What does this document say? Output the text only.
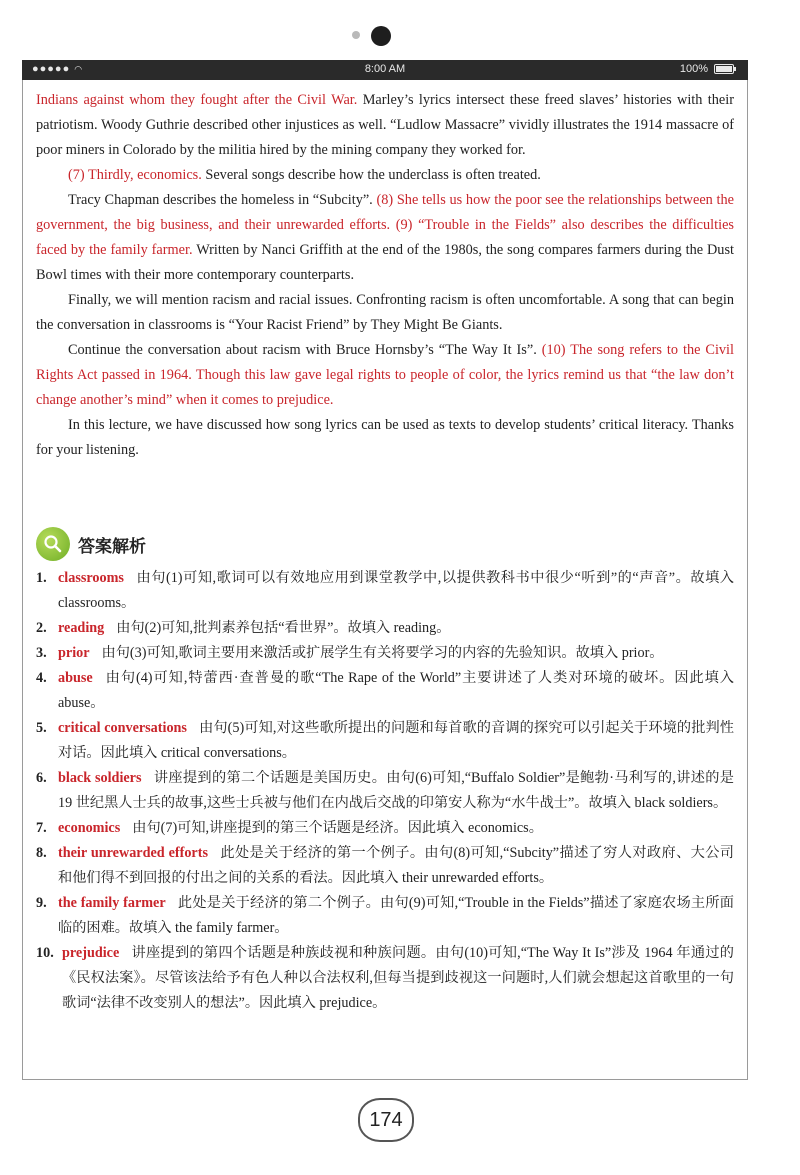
●●●●● ◠	8:00 AM	100%

Indians against whom they fought after the Civil War. Marley’s lyrics intersect these freed slaves’ histories with their patriotism. Woody Guthrie described other injustices as well. “Ludlow Massacre” vividly illustrates the 1914 massacre of poor miners in Colorado by the militia hired by the mining company they worked for.

(7) Thirdly, economics. Several songs describe how the underclass is often treated.

Tracy Chapman describes the homeless in “Subcity”. (8) She tells us how the poor see the relationships between the government, the big business, and their unrewarded efforts. (9) “Trouble in the Fields” also describes the difficulties faced by the family farmer. Written by Nanci Griffith at the end of the 1980s, the song compares farmers during the Dust Bowl times with their more contemporary counterparts.

Finally, we will mention racism and racial issues. Confronting racism is often uncomfortable. A song that can begin the conversation in classrooms is “Your Racist Friend” by They Might Be Giants.

Continue the conversation about racism with Bruce Hornsby’s “The Way It Is”. (10) The song refers to the Civil Rights Act passed in 1964. Though this law gave legal rights to people of color, the lyrics remind us that “the law don’t change another’s mind” when it comes to prejudice.

In this lecture, we have discussed how song lyrics can be used as texts to develop students’ critical literacy. Thanks for your listening.

答案解析
1. classrooms 由句(1)可知,歌词可以有效地应用到课堂教学中,以提供教科书中很少“听到”的“声音”。故填入 classrooms。
2. reading 由句(2)可知,批判素养包括“看世界”。故填入 reading。
3. prior 由句(3)可知,歌词主要用来激活或扩展学生有关将要学习的内容的先验知识。故填入 prior。
4. abuse 由句(4)可知,特蕾西·查普曼的歌“The Rape of the World”主要讲述了人类对环境的破坏。因此填入 abuse。
5. critical conversations 由句(5)可知,对这些歌所提出的问题和每首歌的音调的探究可以引起关于环境的批判性对话。因此填入 critical conversations。
6. black soldiers 讲座提到的第二个话题是美国历史。由句(6)可知,“Buffalo Soldier”是鲍勃·马利写的,讲述的是 19 世纪黑人士兵的故事,这些士兵被与他们在内战后交战的印第安人称为“水牛战士”。故填入 black soldiers。
7. economics 由句(7)可知,讲座提到的第三个话题是经济。因此填入 economics。
8. their unrewarded efforts 此处是关于经济的第一个例子。由句(8)可知,“Subcity”描述了穷人对政府、大公司和他们得不到回报的付出之间的关系的看法。因此填入 their unrewarded efforts。
9. the family farmer 此处是关于经济的第二个例子。由句(9)可知,“Trouble in the Fields”描述了家庭农场主所面临的困难。故填入 the family farmer。
10. prejudice 讲座提到的第四个话题是种族歧视和种族问题。由句(10)可知,“The Way It Is”涉及 1964 年通过的《民权法案》。尽管该法给予有色人种以合法权利,但每当提到歧视这一问题时,人们就会想起这首歌里的一句歌词“法律不改变别人的想法”。因此填入 prejudice。
174
